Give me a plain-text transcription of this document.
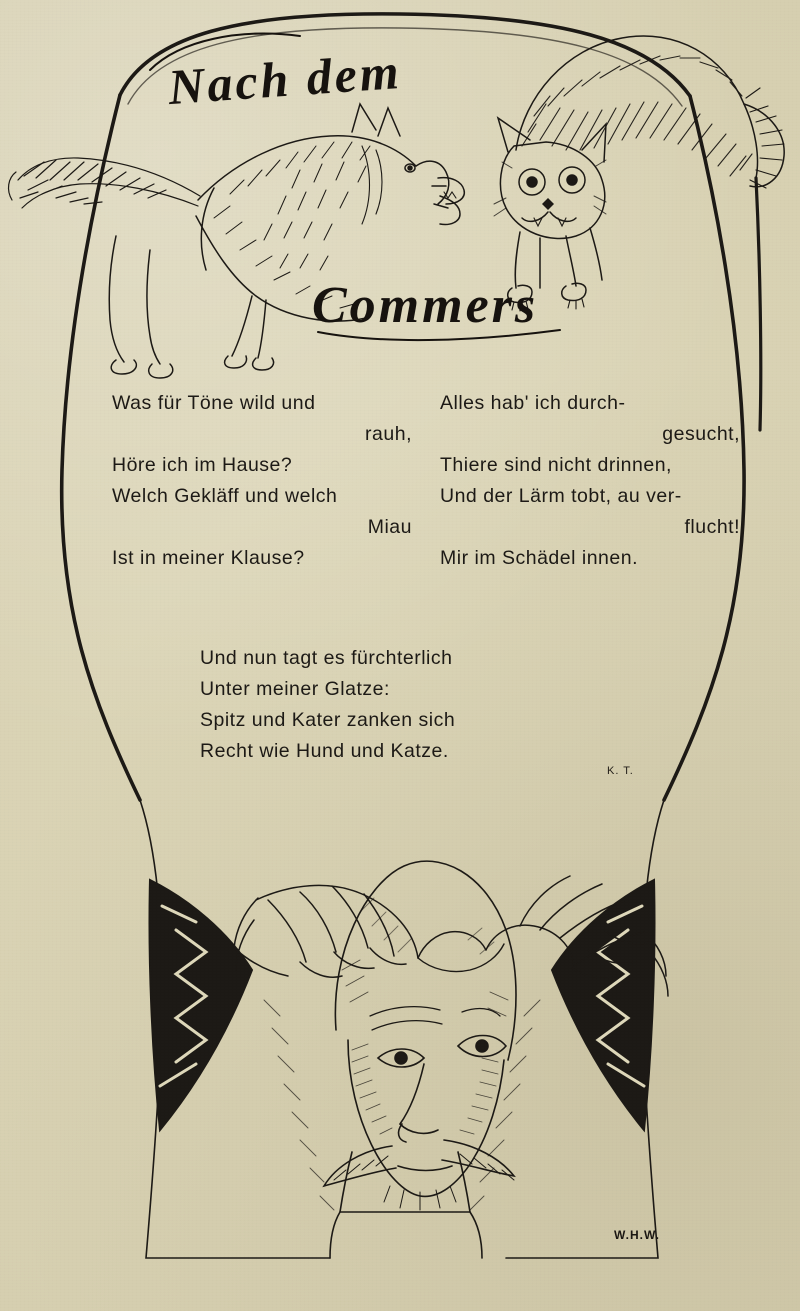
Nach dem
Commers
Was für Töne wild und
rauh,
Höre ich im Hause?
Welch Gekläff und welch
Miau
Ist in meiner Klause?
Alles hab' ich durch-
gesucht,
Thiere sind nicht drinnen,
Und der Lärm tobt, au ver-
flucht!
Mir im Schädel innen.
Und nun tagt es fürchterlich
Unter meiner Glatze:
Spitz und Kater zanken sich
Recht wie Hund und Katze.
K. T.
W.H.W.
